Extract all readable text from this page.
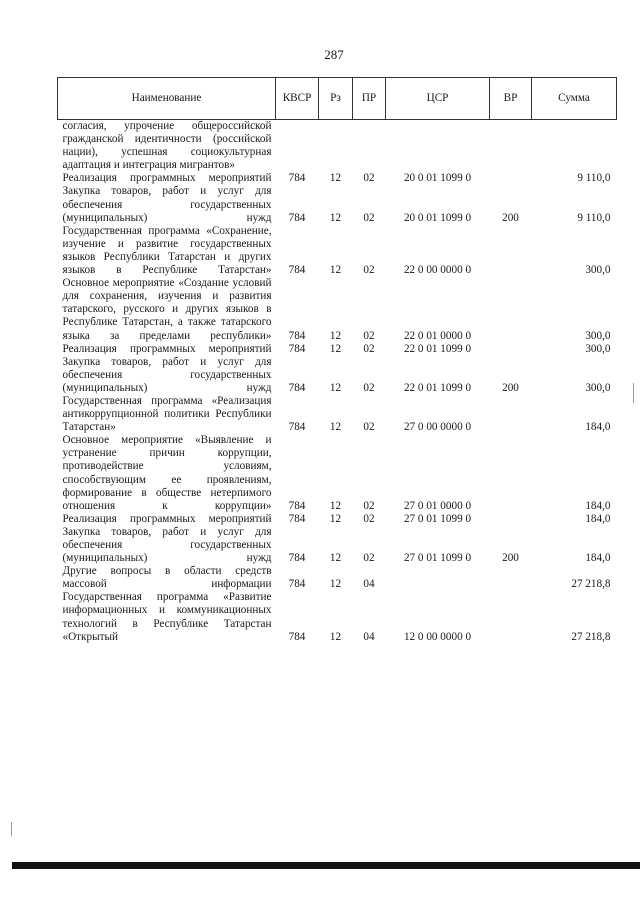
287
Наименование	КВСР	Рз	ПР	ЦСР	ВР	Сумма
согласия, упрочение общероссийской гражданской идентичности (российской нации), успешная социокультурная адаптация и интеграция мигрантов»						
Реализация программных мероприятий	784	12	02	20 0 01 1099 0		9 110,0
Закупка товаров, работ и услуг для обеспечения государственных (муниципальных) нужд	784	12	02	20 0 01 1099 0	200	9 110,0
Государственная программа «Сохранение, изучение и развитие государственных языков Республики Татарстан и других языков в Республике Татарстан»	784	12	02	22 0 00 0000 0		300,0
Основное мероприятие «Создание условий для сохранения, изучения и развития татарского, русского и других языков в Республике Татарстан, а также татарского языка за пределами республики»	784	12	02	22 0 01 0000 0		300,0
Реализация программных мероприятий	784	12	02	22 0 01 1099 0		300,0
Закупка товаров, работ и услуг для обеспечения государственных (муниципальных) нужд	784	12	02	22 0 01 1099 0	200	300,0
Государственная программа «Реализация антикоррупционной политики Республики Татарстан»	784	12	02	27 0 00 0000 0		184,0
Основное мероприятие «Выявление и устранение причин коррупции, противодействие условиям, способствующим ее проявлениям, формирование в обществе нетерпимого отношения к коррупции»	784	12	02	27 0 01 0000 0		184,0
Реализация программных мероприятий	784	12	02	27 0 01 1099 0		184,0
Закупка товаров, работ и услуг для обеспечения государственных (муниципальных) нужд	784	12	02	27 0 01 1099 0	200	184,0
Другие вопросы в области средств массовой информации	784	12	04			27 218,8
Государственная программа «Развитие информационных и коммуникационных технологий в Республике Татарстан «Открытый	784	12	04	12 0 00 0000 0		27 218,8
